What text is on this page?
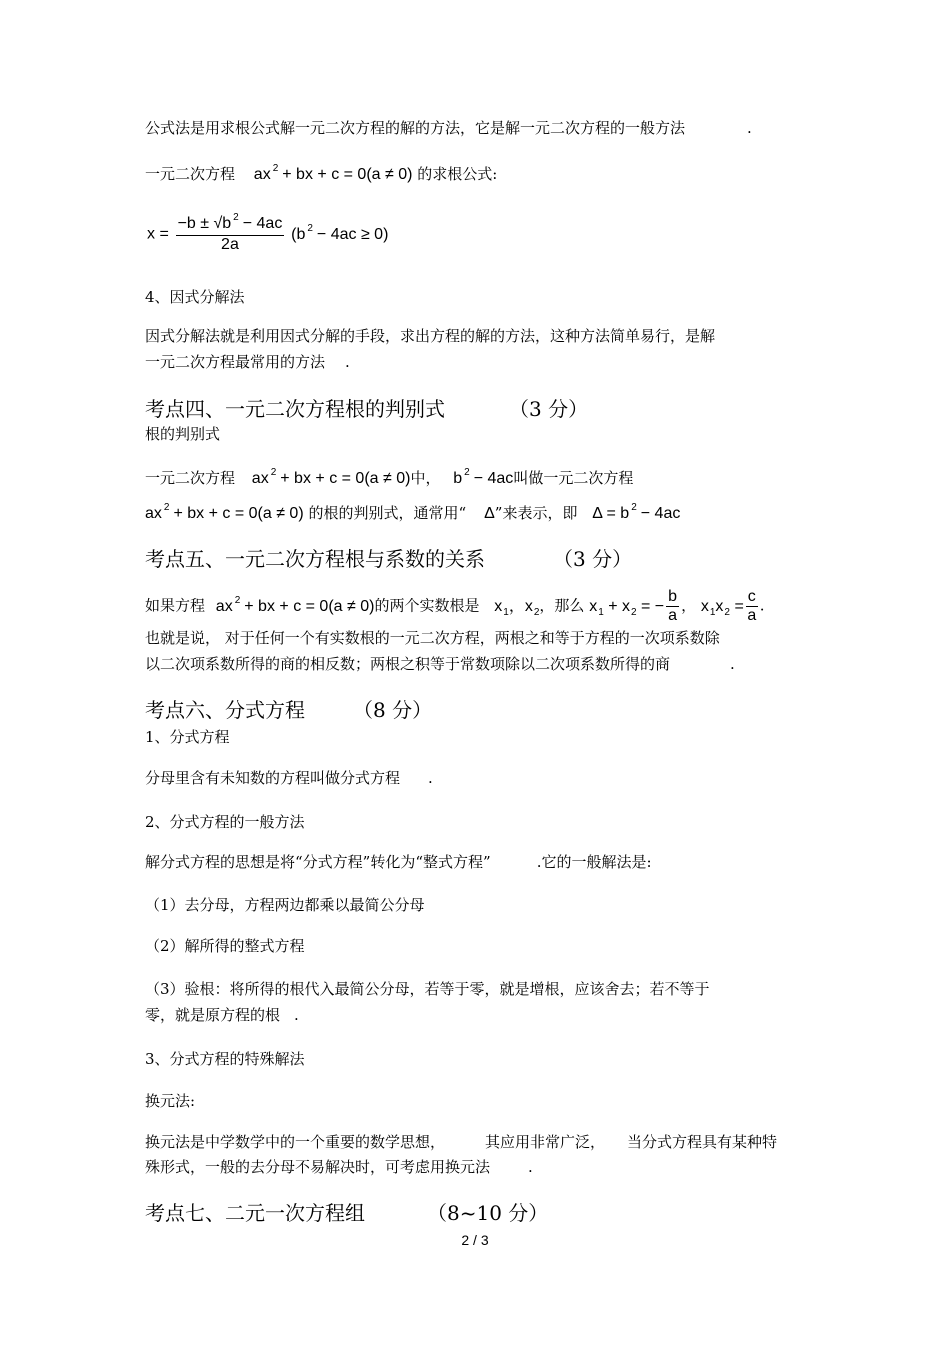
公式法是用求根公式解一元二次方程的解的方法，它是解一元二次方程的一般方法	.
一元二次方程 ax $^2$ + bx + c = 0(a ≠ 0) 的求根公式:
$x = \frac{-b \pm √b ^2 - 4ac}{2a} (b$ $^2$ − 4ac ≥ 0)
4、因式分解法
因式分解法就是利用因式分解的手段，求出方程的解的方法，这种方法简单易行，是解
一元二次方程最常用的方法 .
考点四、一元二次方程根的判别式	（3 分）
根的判别式
一元二次方程 ax $^2$ + bx + c = 0(a ≠ 0)中， b $^2$ − 4ac叫做一元二次方程
ax $^2$ + bx + c = 0(a ≠ 0) 的根的判别式，通常用“ Δ”来表示，即 Δ = b $^2$ − 4ac
考点五、一元二次方程根与系数的关系	（3 分）
如果方程 ax $^2$ + bx + c = 0(a ≠ 0)的两个实数根是 $x_1$，$x_2$，那么 $x_1 + x_2$ = − $\frac{b}{a}$ ， $x_1x_2 = \frac{c}{a}$ .
也就是说， 对于任何一个有实数根的一元二次方程，两根之和等于方程的一次项系数除
以二次项系数所得的商的相反数；两根之积等于常数项除以二次项系数所得的商	.
考点六、分式方程 （8 分）
1、分式方程
分母里含有未知数的方程叫做分式方程 .
2、分式方程的一般方法
解分式方程的思想是将“分式方程”转化为“整式方程”	.它的一般解法是:
（1）去分母，方程两边都乘以最简公分母
（2）解所得的整式方程
（3）验根：将所得的根代入最简公分母，若等于零，就是增根，应该舍去；若不等于
零，就是原方程的根 .
3、分式方程的特殊解法
换元法:
换元法是中学数学中的一个重要的数学思想，	其应用非常广泛， 当分式方程具有某种特
殊形式，一般的去分母不易解决时，可考虑用换元法	.
考点七、二元一次方程组	（8~10 分）
2 / 3
